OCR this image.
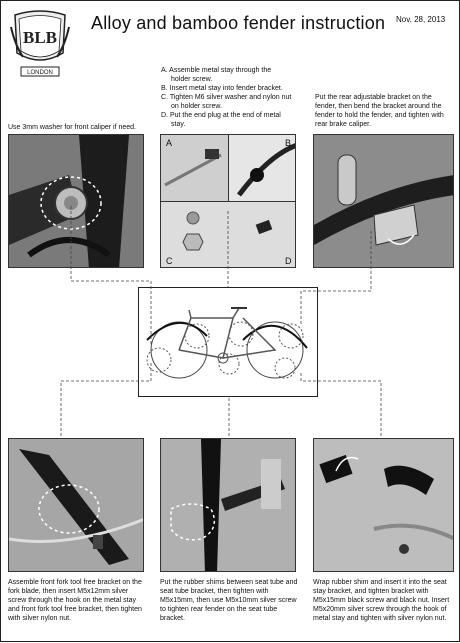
BLB
LONDON
Alloy and bamboo fender instruction Nov. 28, 2013
A. Assemble metal stay through the
holder screw.
B. Insert metal stay into fender bracket.
C. Tighten M6 silver washer and nylon nut
on holder screw.
D. Put the end plug at the end of metal
stay.
Use 3mm washer for front caliper if need.
Put the rear adjustable bracket on the fender, then bend the bracket around the fender to hold the fender, and tighten with rear brake caliper.
A	B
C	D
Assemble front fork tool free bracket on the fork blade, then insert M5x12mm silver screw through the hook on the metal stay and front fork tool free bracket, then tighten with silver nylon nut.
Put the rubber shims between seat tube and seat tube bracket, then tighten with M5x15mm, then use M5x10mm silver screw to tighten rear fender on the seat tube bracket.
Wrap rubber shim and insert it into the seat stay bracket, and tighten bracket with M5x15mm black screw and black nut. Insert M5x20mm silver screw through the hook of metal stay and tighten with silver nylon nut.
